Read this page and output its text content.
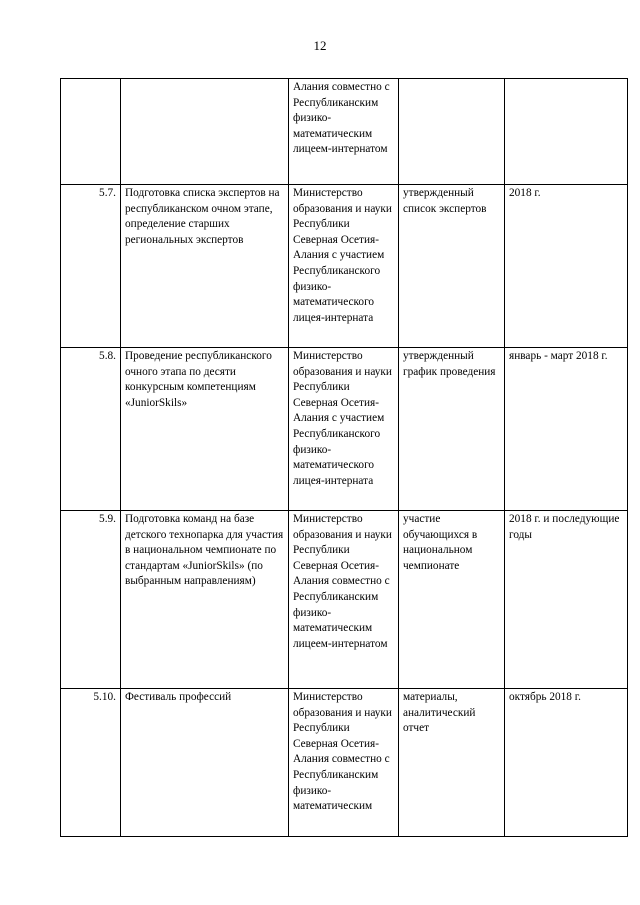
12
		Алания совместно с Республиканским физико-математическим лицеем-интернатом		
5.7.	Подготовка списка экспертов на республиканском очном этапе, определение старших региональных экспертов	Министерство образования и науки Республики Северная Осетия-Алания с участием Республиканского физико-математического лицея-интерната	утвержденный список экспертов	2018 г.
5.8.	Проведение республиканского очного этапа по десяти конкурсным компетенциям «JuniorSkils»	Министерство образования и науки Республики Северная Осетия-Алания с участием Республиканского физико-математического лицея-интерната	утвержденный график проведения	январь - март 2018 г.
5.9.	Подготовка команд на базе детского технопарка для участия в национальном чемпионате по стандартам «JuniorSkils» (по выбранным направлениям)	Министерство образования и науки Республики Северная Осетия-Алания совместно с Республиканским физико-математическим лицеем-интернатом	участие обучающихся в национальном чемпионате	2018 г. и последующие годы
5.10.	Фестиваль профессий	Министерство образования и науки Республики Северная Осетия-Алания совместно с Республиканским физико-математическим	материалы, аналитический отчет	октябрь 2018 г.
